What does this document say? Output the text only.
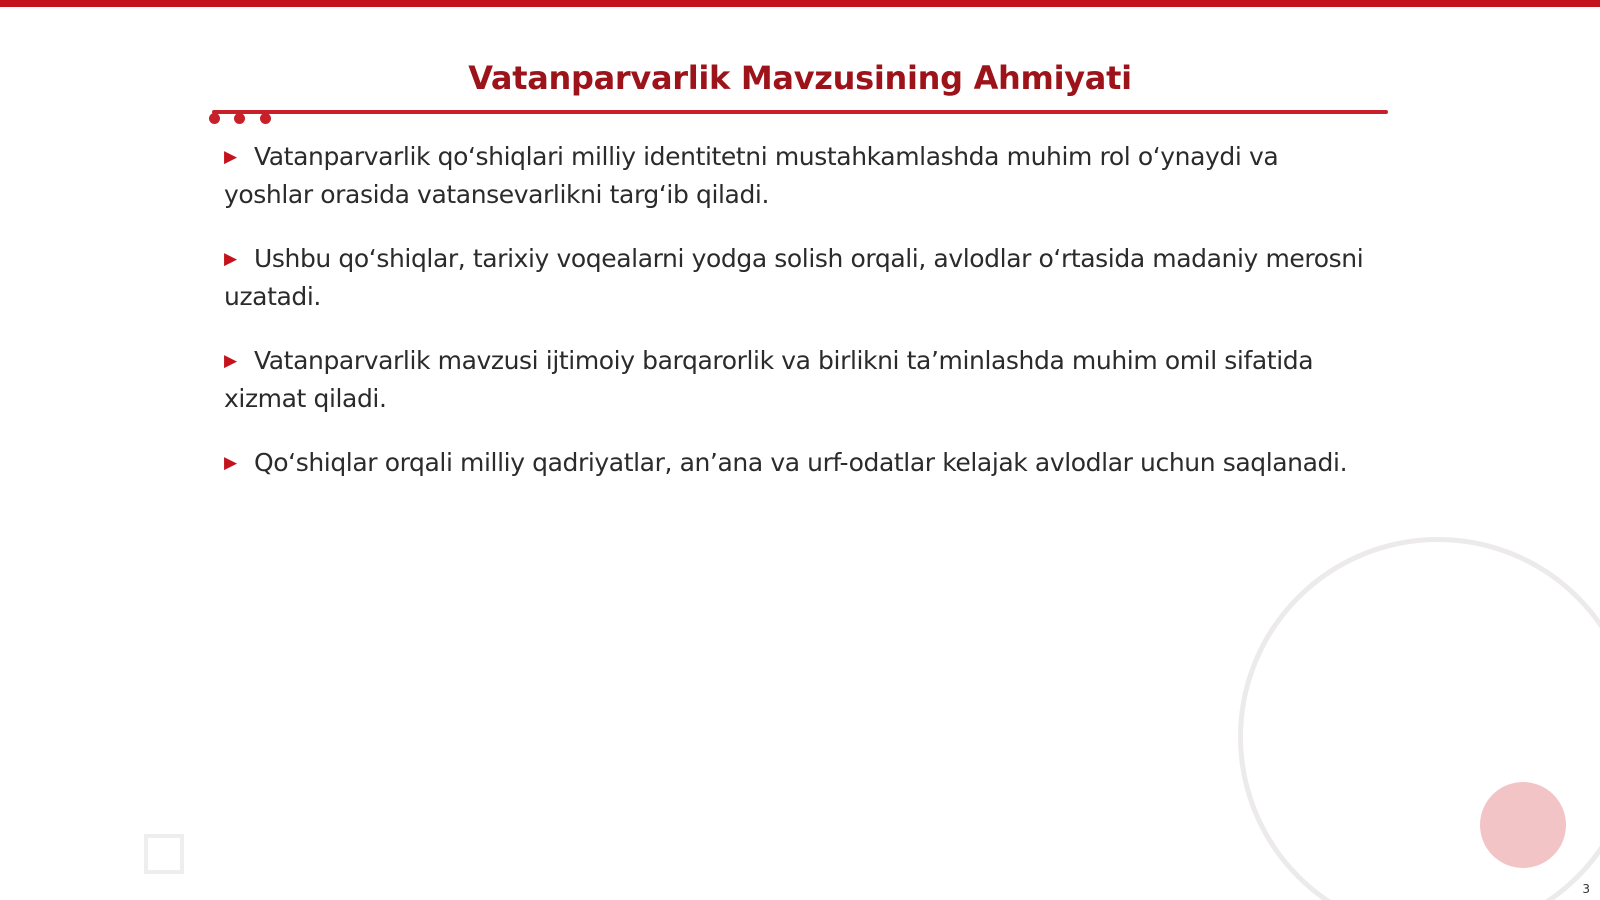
Vatanparvarlik Mavzusining Ahmiyati
▶ Vatanparvarlik qo‘shiqlari milliy identitetni mustahkamlashda muhim rol o‘ynaydi va yoshlar orasida vatansevarlikni targ‘ib qiladi.
▶ Ushbu qo‘shiqlar, tarixiy voqealarni yodga solish orqali, avlodlar o‘rtasida madaniy merosni uzatadi.
▶ Vatanparvarlik mavzusi ijtimoiy barqarorlik va birlikni ta’minlashda muhim omil sifatida xizmat qiladi.
▶ Qo‘shiqlar orqali milliy qadriyatlar, an’ana va urf-odatlar kelajak avlodlar uchun saqlanadi.
3
